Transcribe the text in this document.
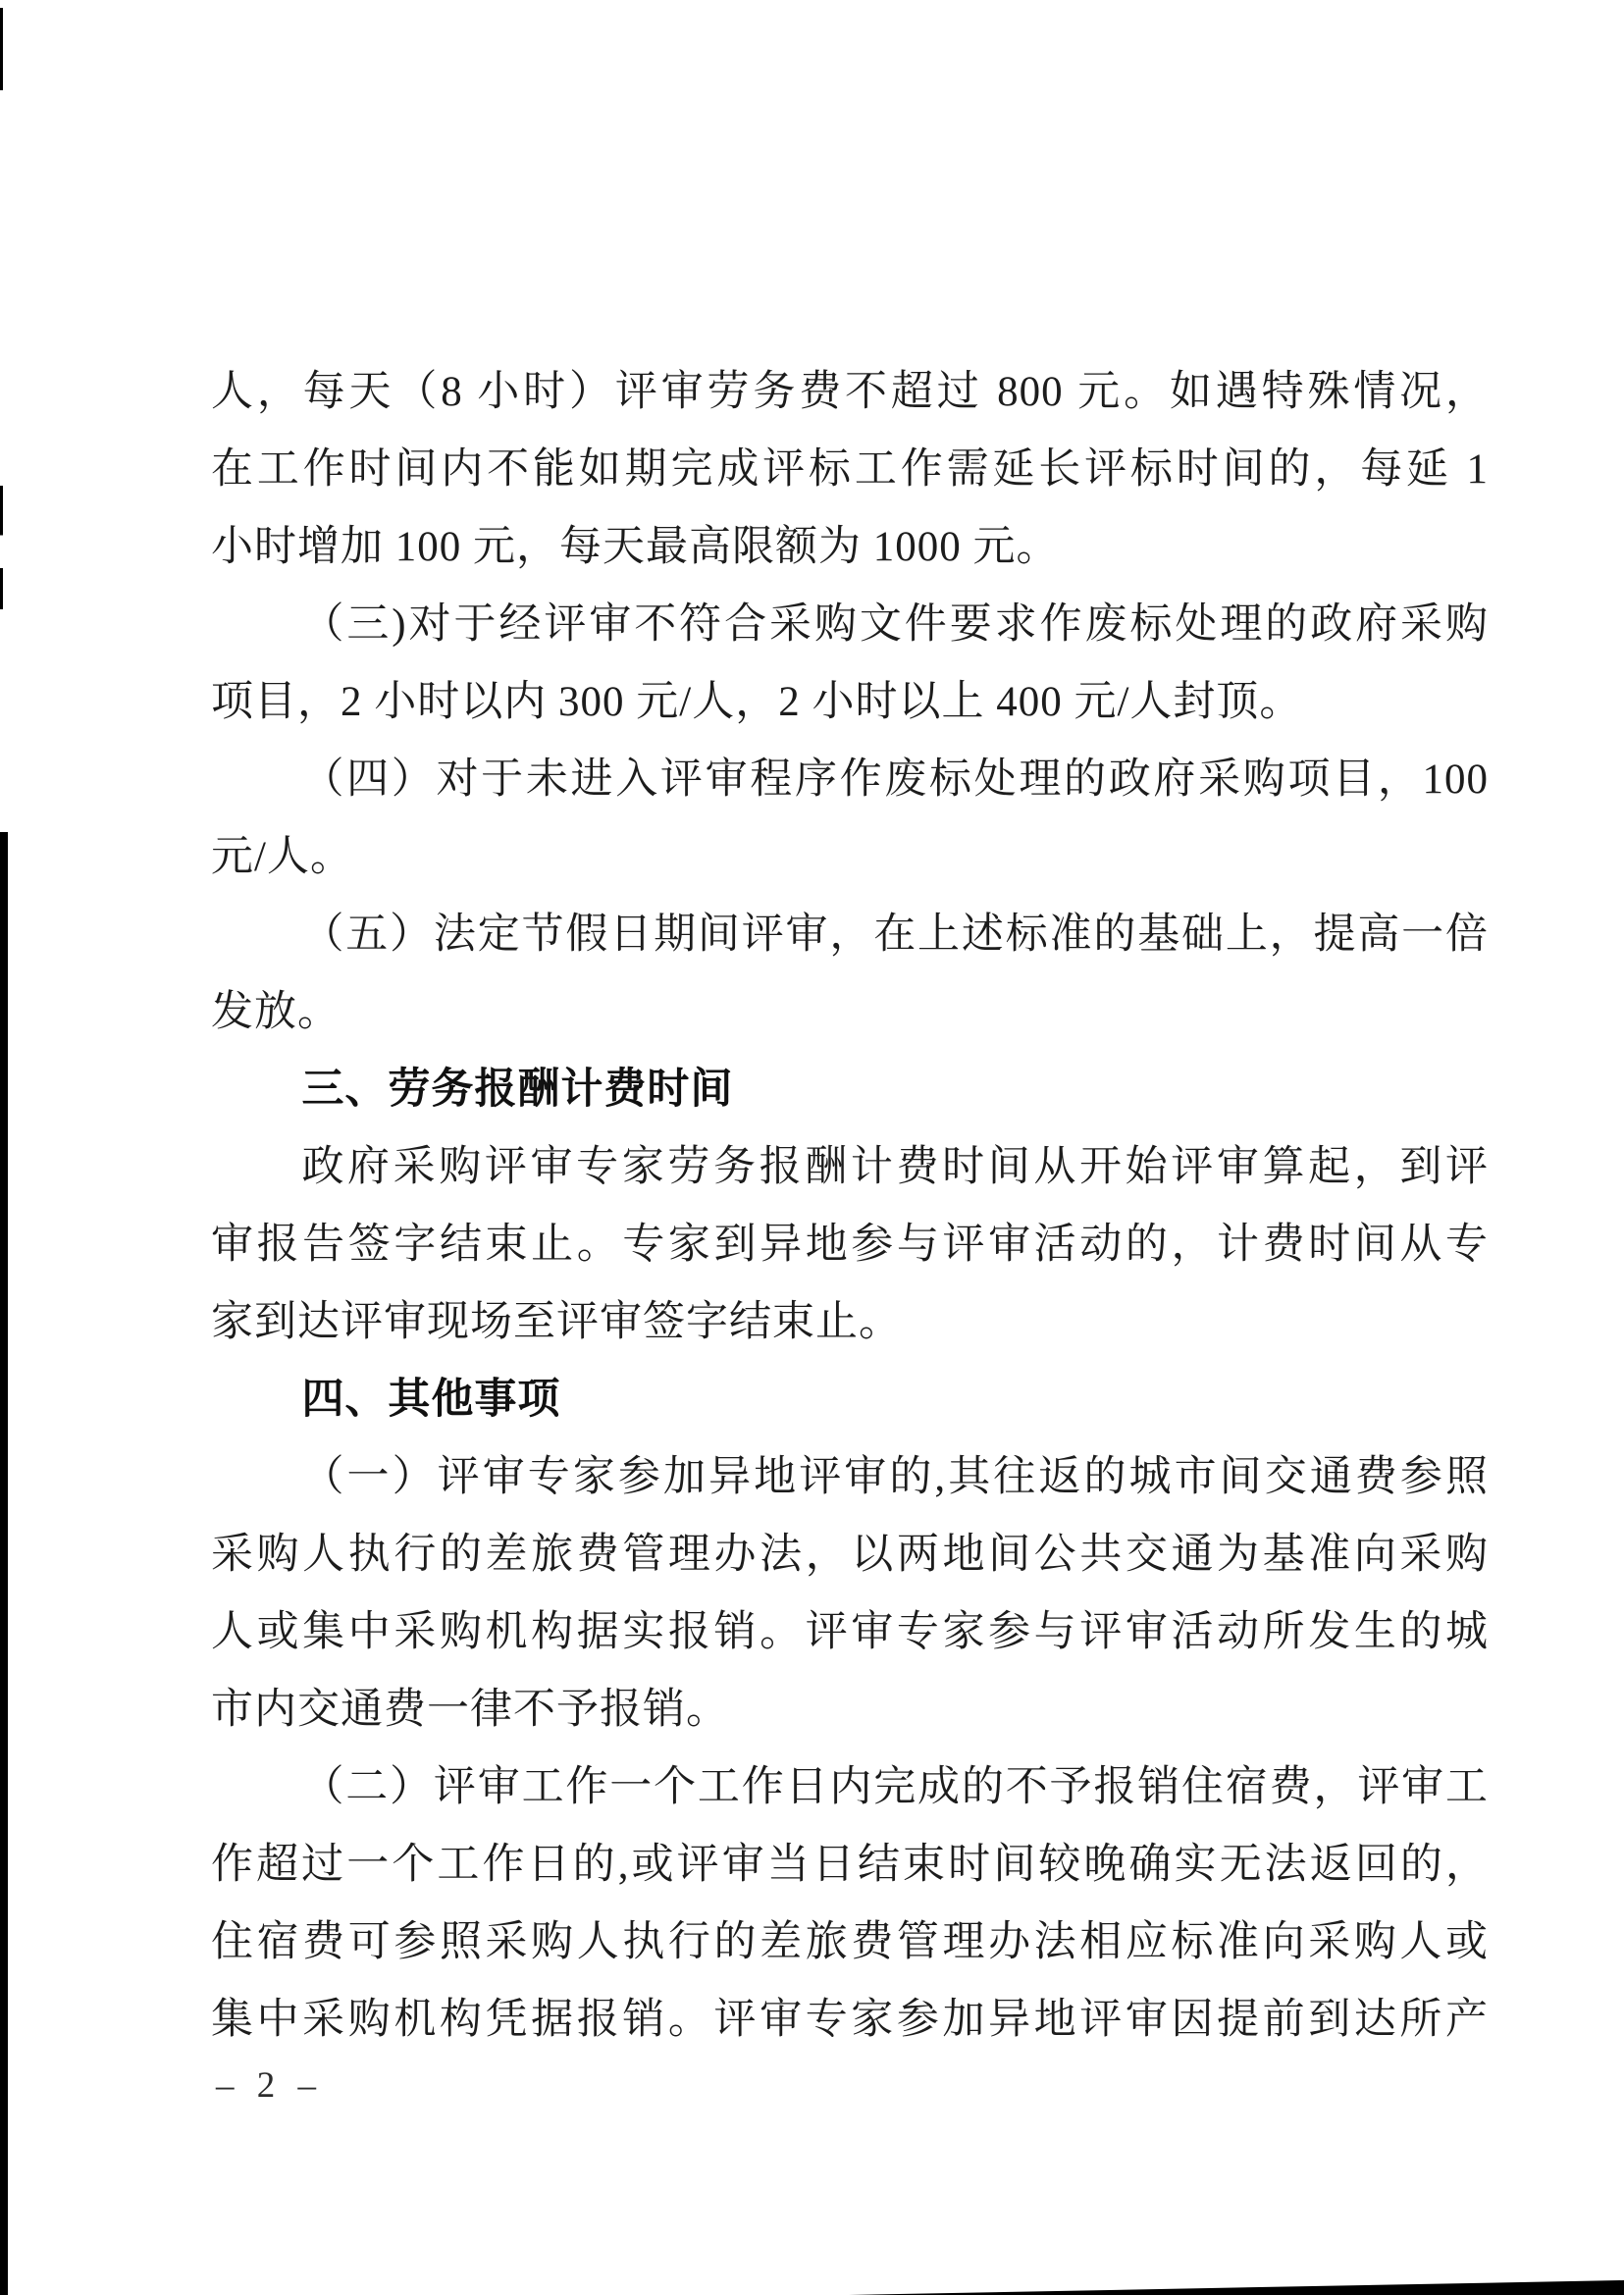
人，每天（8 小时）评审劳务费不超过 800 元。如遇特殊情况，
在工作时间内不能如期完成评标工作需延长评标时间的，每延 1
小时增加 100 元，每天最高限额为 1000 元。
（三)对于经评审不符合采购文件要求作废标处理的政府采购
项目，2 小时以内 300 元/人，2 小时以上 400 元/人封顶。
（四）对于未进入评审程序作废标处理的政府采购项目，100
元/人。
（五）法定节假日期间评审，在上述标准的基础上，提高一倍
发放。
三、劳务报酬计费时间
政府采购评审专家劳务报酬计费时间从开始评审算起，到评
审报告签字结束止。专家到异地参与评审活动的，计费时间从专
家到达评审现场至评审签字结束止。
四、其他事项
（一）评审专家参加异地评审的,其往返的城市间交通费参照
采购人执行的差旅费管理办法，以两地间公共交通为基准向采购
人或集中采购机构据实报销。评审专家参与评审活动所发生的城
市内交通费一律不予报销。
（二）评审工作一个工作日内完成的不予报销住宿费，评审工
作超过一个工作日的,或评审当日结束时间较晚确实无法返回的，
住宿费可参照采购人执行的差旅费管理办法相应标准向采购人或
集中采购机构凭据报销。评审专家参加异地评审因提前到达所产
– 2 –
